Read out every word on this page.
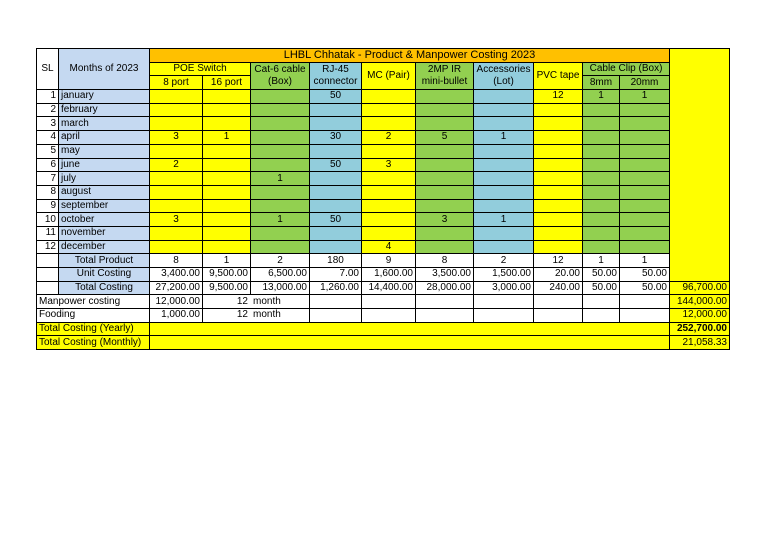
SL	Months of 2023	LHBL Chhatak - Product & Manpower Costing 2023										
		POE Switch		Cat-6 cable (Box)	RJ-45 connector	MC (Pair)	2MP IR mini-bullet	Accessories (Lot)	PVC tape	Cable Clip (Box)		
		8 port	16 port							8mm	20mm	
1	january				50				12	1	1	
2	february											
3	march											
4	april	3	1		30	2	5	1				
5	may											
6	june	2			50	3						
7	july			1								
8	august											
9	september											
10	october	3		1	50		3	1				
11	november											
12	december					4						
	Total Product	8	1	2	180	9	8	2	12	1	1	
	Unit Costing	3,400.00	9,500.00	6,500.00	7.00	1,600.00	3,500.00	1,500.00	20.00	50.00	50.00	
	Total Costing	27,200.00	9,500.00	13,000.00	1,260.00	14,400.00	28,000.00	3,000.00	240.00	50.00	50.00	96,700.00
Manpower costing		12,000.00	12	month								144,000.00
Fooding		1,000.00	12	month								12,000.00
Total Costing (Yearly)												252,700.00
Total Costing (Monthly)												21,058.33
